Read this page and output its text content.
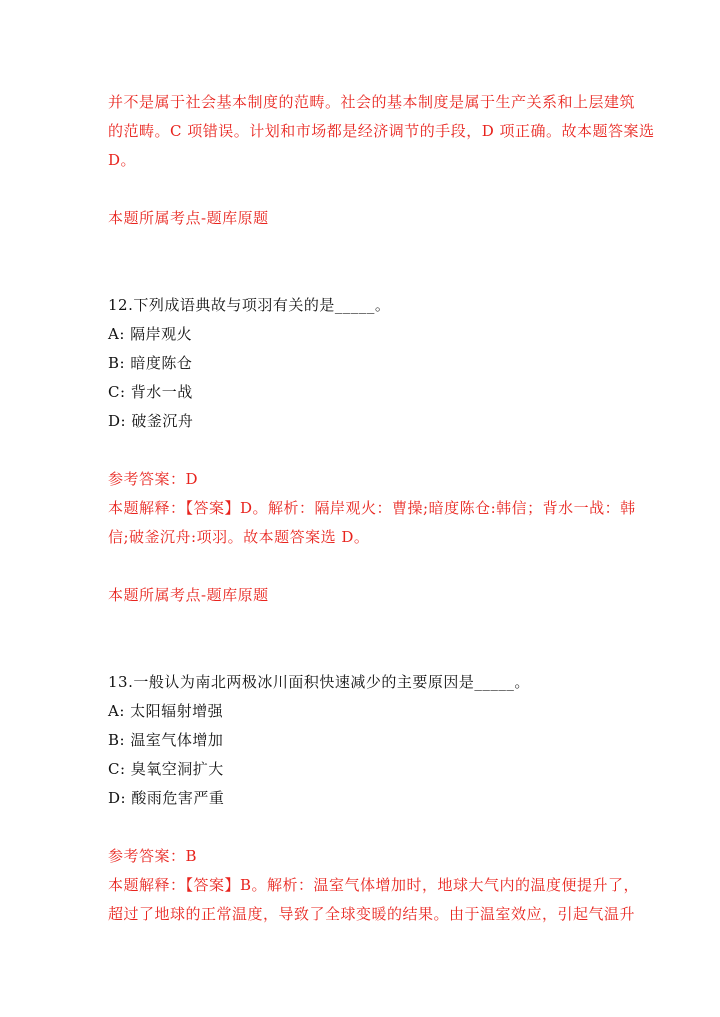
并不是属于社会基本制度的范畴。社会的基本制度是属于生产关系和上层建筑
的范畴。C 项错误。计划和市场都是经济调节的手段，D 项正确。故本题答案选
D。
本题所属考点-题库原题
12.下列成语典故与项羽有关的是_____。
A: 隔岸观火
B: 暗度陈仓
C: 背水一战
D: 破釜沉舟
参考答案：D
本题解释：【答案】D。解析：隔岸观火：曹操;暗度陈仓:韩信；背水一战：韩
信;破釜沉舟:项羽。故本题答案选 D。
本题所属考点-题库原题
13.一般认为南北两极冰川面积快速减少的主要原因是_____。
A: 太阳辐射增强
B: 温室气体增加
C: 臭氧空洞扩大
D: 酸雨危害严重
参考答案：B
本题解释：【答案】B。解析：温室气体增加时，地球大气内的温度便提升了，
超过了地球的正常温度，导致了全球变暖的结果。由于温室效应，引起气温升
